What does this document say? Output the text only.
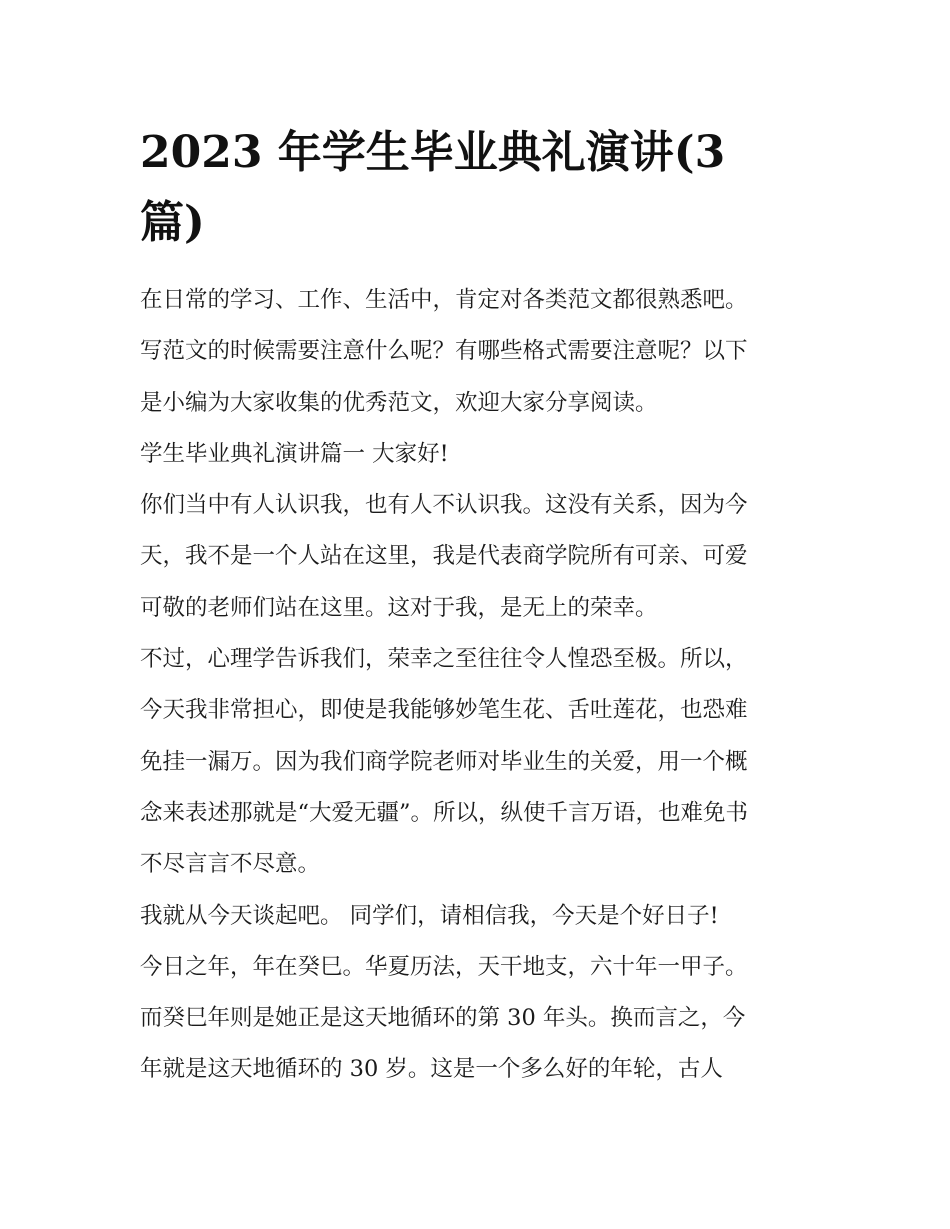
2023 年学生毕业典礼演讲(3
篇)
在日常的学习、工作、生活中，肯定对各类范文都很熟悉吧。
写范文的时候需要注意什么呢？有哪些格式需要注意呢？以下
是小编为大家收集的优秀范文，欢迎大家分享阅读。
学生毕业典礼演讲篇一 大家好!
你们当中有人认识我，也有人不认识我。这没有关系，因为今
天，我不是一个人站在这里，我是代表商学院所有可亲、可爱
可敬的老师们站在这里。这对于我，是无上的荣幸。
不过，心理学告诉我们，荣幸之至往往令人惶恐至极。所以，
今天我非常担心，即使是我能够妙笔生花、舌吐莲花，也恐难
免挂一漏万。因为我们商学院老师对毕业生的关爱，用一个概
念来表述那就是“大爱无疆”。所以，纵使千言万语，也难免书
不尽言言不尽意。
我就从今天谈起吧。 同学们，请相信我，今天是个好日子!
今日之年，年在癸巳。华夏历法，天干地支，六十年一甲子。
而癸巳年则是她正是这天地循环的第 30 年头。换而言之，今
年就是这天地循环的 30 岁。这是一个多么好的年轮，古人
